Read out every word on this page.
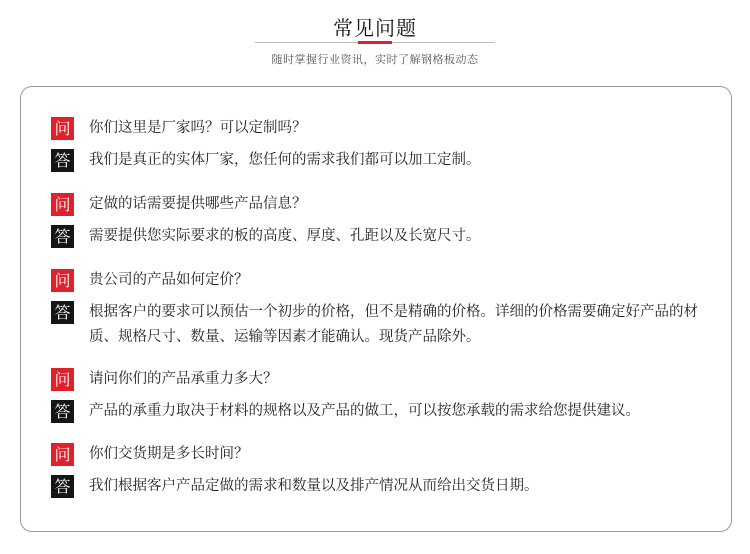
常见问题
随时掌握行业资讯，实时了解钢格板动态
问 你们这里是厂家吗？可以定制吗？
答 我们是真正的实体厂家，您任何的需求我们都可以加工定制。
问 定做的话需要提供哪些产品信息？
答 需要提供您实际要求的板的高度、厚度、孔距以及长宽尺寸。
问 贵公司的产品如何定价？
答 根据客户的要求可以预估一个初步的价格，但不是精确的价格。详细的价格需要确定好产品的材质、规格尺寸、数量、运输等因素才能确认。现货产品除外。
问 请问你们的产品承重力多大？
答 产品的承重力取决于材料的规格以及产品的做工，可以按您承载的需求给您提供建议。
问 你们交货期是多长时间？
答 我们根据客户产品定做的需求和数量以及排产情况从而给出交货日期。
